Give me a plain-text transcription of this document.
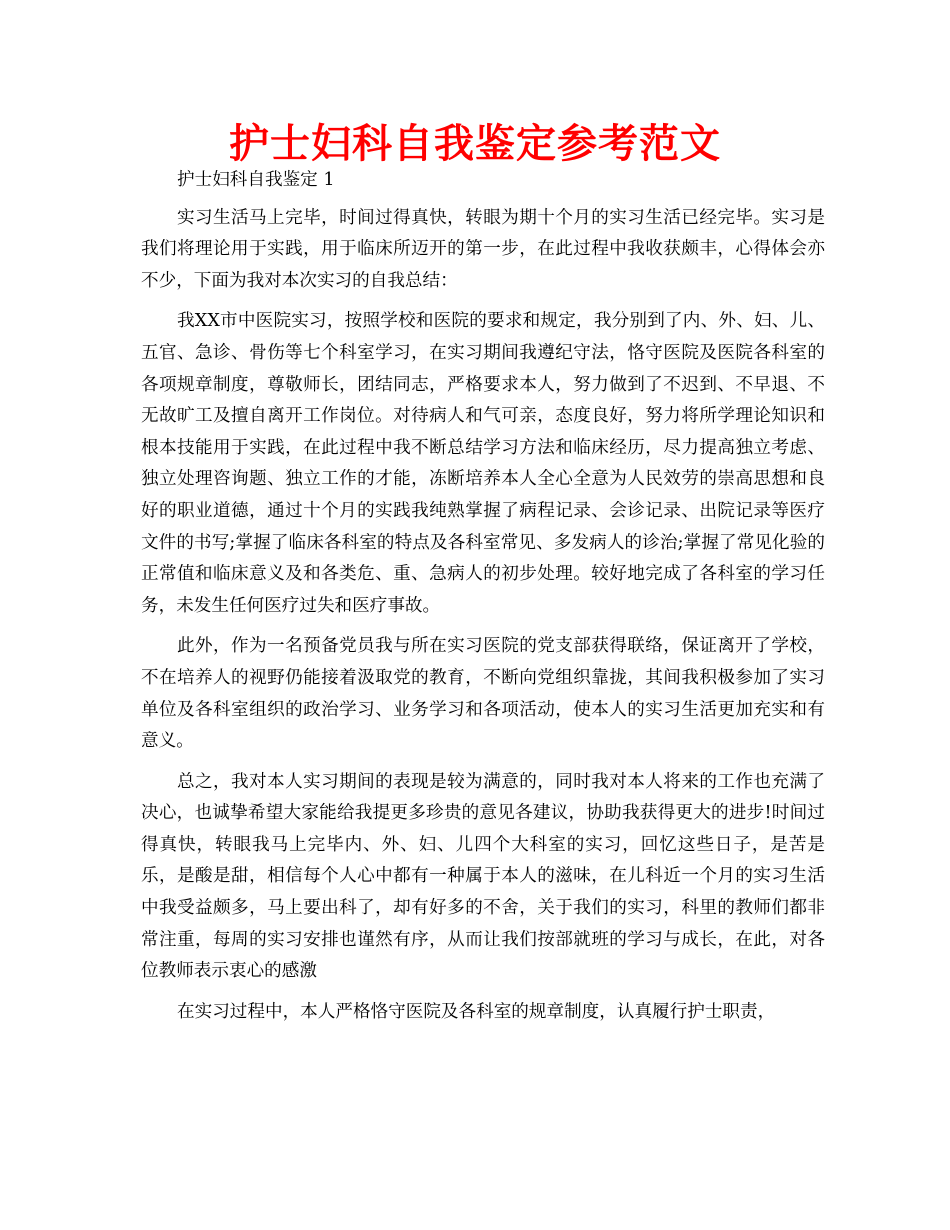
护士妇科自我鉴定参考范文

护士妇科自我鉴定 1

实习生活马上完毕，时间过得真快，转眼为期十个月的实习生活已经完毕。实习是我们将理论用于实践，用于临床所迈开的第一步，在此过程中我收获颇丰，心得体会亦不少，下面为我对本次实习的自我总结：

我XX市中医院实习，按照学校和医院的要求和规定，我分别到了内、外、妇、儿、五官、急诊、骨伤等七个科室学习，在实习期间我遵纪守法，恪守医院及医院各科室的各项规章制度，尊敬师长，团结同志，严格要求本人，努力做到了不迟到、不早退、不无故旷工及擅自离开工作岗位。对待病人和气可亲，态度良好，努力将所学理论知识和根本技能用于实践，在此过程中我不断总结学习方法和临床经历，尽力提高独立考虑、独立处理咨询题、独立工作的才能，冻断培养本人全心全意为人民效劳的崇高思想和良好的职业道德，通过十个月的实践我纯熟掌握了病程记录、会诊记录、出院记录等医疗文件的书写;掌握了临床各科室的特点及各科室常见、多发病人的诊治;掌握了常见化验的正常值和临床意义及和各类危、重、急病人的初步处理。较好地完成了各科室的学习任务，未发生任何医疗过失和医疗事故。

此外，作为一名预备党员我与所在实习医院的党支部获得联络，保证离开了学校，不在培养人的视野仍能接着汲取党的教育，不断向党组织靠拢，其间我积极参加了实习单位及各科室组织的政治学习、业务学习和各项活动，使本人的实习生活更加充实和有意义。

总之，我对本人实习期间的表现是较为满意的，同时我对本人将来的工作也充满了决心，也诚挚希望大家能给我提更多珍贵的意见各建议，协助我获得更大的进步!时间过得真快，转眼我马上完毕内、外、妇、儿四个大科室的实习，回忆这些日子，是苦是乐，是酸是甜，相信每个人心中都有一种属于本人的滋味，在儿科近一个月的实习生活中我受益颇多，马上要出科了，却有好多的不舍，关于我们的实习，科里的教师们都非常注重，每周的实习安排也谨然有序，从而让我们按部就班的学习与成长，在此，对各位教师表示衷心的感激

在实习过程中，本人严格恪守医院及各科室的规章制度，认真履行护士职责，
